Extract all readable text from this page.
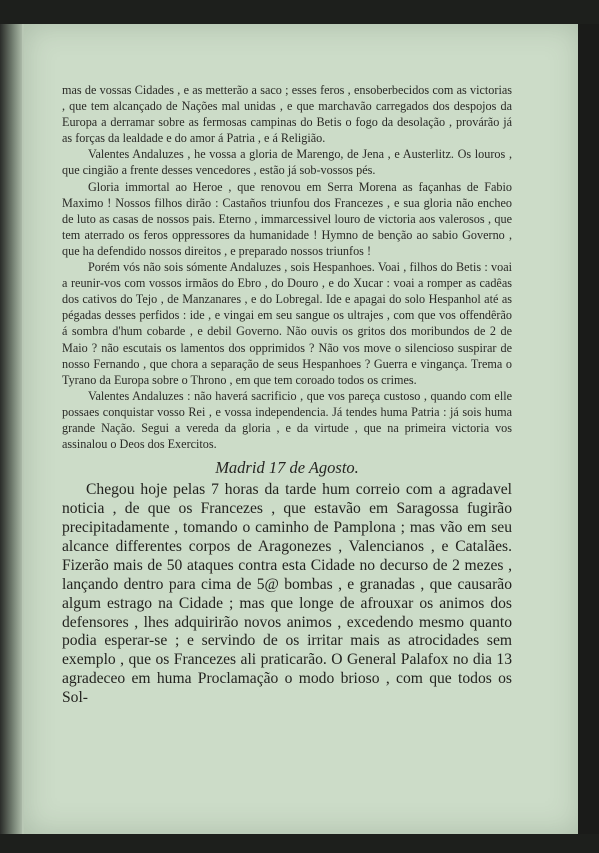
mas de vossas Cidades , e as metterão a saco ; esses feros , ensoberbecidos com as victorias , que tem alcançado de Nações mal unidas , e que marchavão carregados dos despojos da Europa a derramar sobre as fermosas campinas do Betis o fogo da desolação , provárão já as forças da lealdade e do amor á Patria , e á Religião.

Valentes Andaluzes , he vossa a gloria de Marengo, de Jena , e Austerlitz. Os louros , que cingião a frente desses vencedores , estão já sob-vossos pés.

Gloria immortal ao Heroe , que renovou em Serra Morena as façanhas de Fabio Maximo ! Nossos filhos dirão : Castaños triunfou dos Francezes , e sua gloria não encheo de luto as casas de nossos pais. Eterno , immarcessivel louro de victoria aos valerosos , que tem aterrado os feros oppressores da humanidade ! Hymno de benção ao sabio Governo , que ha defendido nossos direitos , e preparado nossos triunfos !

Porém vós não sois sómente Andaluzes , sois Hespanhoes. Voai , filhos do Betis : voai a reunir-vos com vossos irmãos do Ebro , do Douro , e do Xucar : voai a romper as cadêas dos cativos do Tejo , de Manzanares , e do Lobregal. Ide e apagai do solo Hespanhol até as pégadas desses perfidos : ide , e vingai em seu sangue os ultrajes , com que vos offendêrão á sombra d'hum cobarde , e debil Governo. Não ouvis os gritos dos moribundos de 2 de Maio ? não escutais os lamentos dos opprimidos ? Não vos move o silencioso suspirar de nosso Fernando , que chora a separação de seus Hespanhoes ? Guerra e vingança. Trema o Tyrano da Europa sobre o Throno , em que tem coroado todos os crimes.

Valentes Andaluzes : não haverá sacrificio , que vos pareça custoso , quando com elle possaes conquistar vosso Rei , e vossa independencia. Já tendes huma Patria : já sois huma grande Nação. Segui a vereda da gloria , e da virtude , que na primeira victoria vos assinalou o Deos dos Exercitos.

Madrid 17 de Agosto.

Chegou hoje pelas 7 horas da tarde hum correio com a agradavel noticia , de que os Francezes , que estavão em Saragossa fugirão precipitadamente , tomando o caminho de Pamplona ; mas vão em seu alcance differentes corpos de Aragonezes , Valencianos , e Catalães. Fizerão mais de 50 ataques contra esta Cidade no decurso de 2 mezes , lançando dentro para cima de 5@ bombas , e granadas , que causarão algum estrago na Cidade ; mas que longe de afrouxar os animos dos defensores , lhes adquirirão novos animos , excedendo mesmo quanto podia esperar-se ; e servindo de os irritar mais as atrocidades sem exemplo , que os Francezes ali praticarão. O General Palafox no dia 13 agradeceo em huma Proclamação o modo brioso , com que todos os Sol-
